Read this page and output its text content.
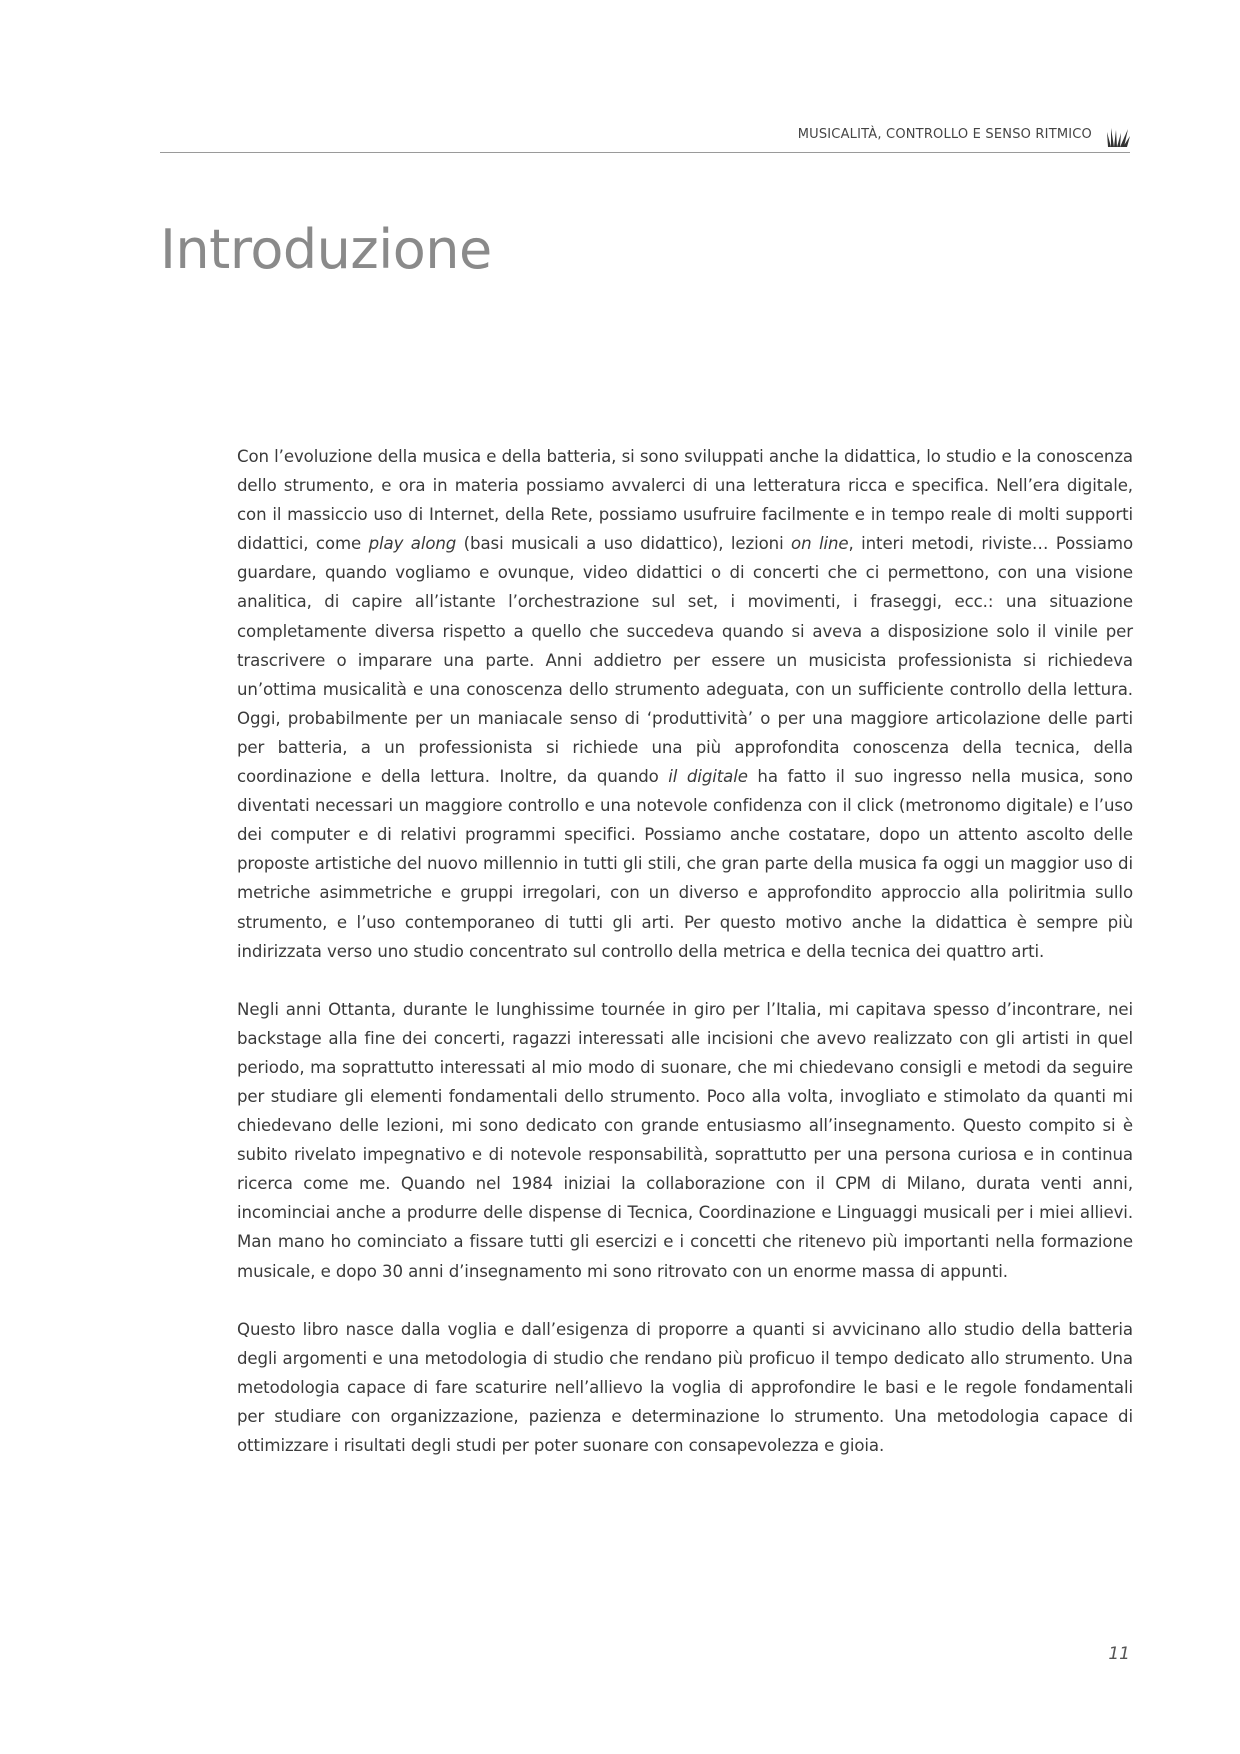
MUSICALITÀ, CONTROLLO E SENSO RITMICO
Introduzione

Con l’evoluzione della musica e della batteria, si sono sviluppati anche la didattica, lo studio e la conoscenza dello strumento, e ora in materia possiamo avvalerci di una letteratura ricca e specifica. Nell’era digitale, con il massiccio uso di Internet, della Rete, possiamo usufruire facilmente e in tempo reale di molti supporti didattici, come play along (basi musicali a uso didattico), lezioni on line, interi metodi, riviste… Possiamo guardare, quando vogliamo e ovunque, video didattici o di concerti che ci permettono, con una visione analitica, di capire all’istante l’orchestrazione sul set, i movimenti, i fraseggi, ecc.: una situazione completamente diversa rispetto a quello che succedeva quando si aveva a disposizione solo il vinile per trascrivere o imparare una parte. Anni addietro per essere un musicista professionista si richiedeva un’ottima musicalità e una conoscenza dello strumento adeguata, con un sufficiente controllo della lettura. Oggi, probabilmente per un maniacale senso di ‘produttività’ o per una maggiore articolazione delle parti per batteria, a un professionista si richiede una più approfondita conoscenza della tecnica, della coordinazione e della lettura. Inoltre, da quando il digitale ha fatto il suo ingresso nella musica, sono diventati necessari un maggiore controllo e una notevole confidenza con il click (metronomo digitale) e l’uso dei computer e di relativi programmi specifici. Possiamo anche costatare, dopo un attento ascolto delle proposte artistiche del nuovo millennio in tutti gli stili, che gran parte della musica fa oggi un maggior uso di metriche asimmetriche e gruppi irregolari, con un diverso e approfondito approccio alla poliritmia sullo strumento, e l’uso contemporaneo di tutti gli arti. Per questo motivo anche la didattica è sempre più indirizzata verso uno studio concentrato sul controllo della metrica e della tecnica dei quattro arti.

Negli anni Ottanta, durante le lunghissime tournée in giro per l’Italia, mi capitava spesso d’incontrare, nei backstage alla fine dei concerti, ragazzi interessati alle incisioni che avevo realizzato con gli artisti in quel periodo, ma soprattutto interessati al mio modo di suonare, che mi chiedevano consigli e metodi da seguire per studiare gli elementi fondamentali dello strumento. Poco alla volta, invogliato e stimolato da quanti mi chiedevano delle lezioni, mi sono dedicato con grande entusiasmo all’insegnamento. Questo compito si è subito rivelato impegnativo e di notevole responsabilità, soprattutto per una persona curiosa e in continua ricerca come me. Quando nel 1984 iniziai la collaborazione con il CPM di Milano, durata venti anni, incominciai anche a produrre delle dispense di Tecnica, Coordinazione e Linguaggi musicali per i miei allievi. Man mano ho cominciato a fissare tutti gli esercizi e i concetti che ritenevo più importanti nella formazione musicale, e dopo 30 anni d’insegnamento mi sono ritrovato con un enorme massa di appunti.

Questo libro nasce dalla voglia e dall’esigenza di proporre a quanti si avvicinano allo studio della batteria degli argomenti e una metodologia di studio che rendano più proficuo il tempo dedicato allo strumento. Una metodologia capace di fare scaturire nell’allievo la voglia di approfondire le basi e le regole fondamentali per studiare con organizzazione, pazienza e determinazione lo strumento. Una metodologia capace di ottimizzare i risultati degli studi per poter suonare con consapevolezza e gioia.

11
